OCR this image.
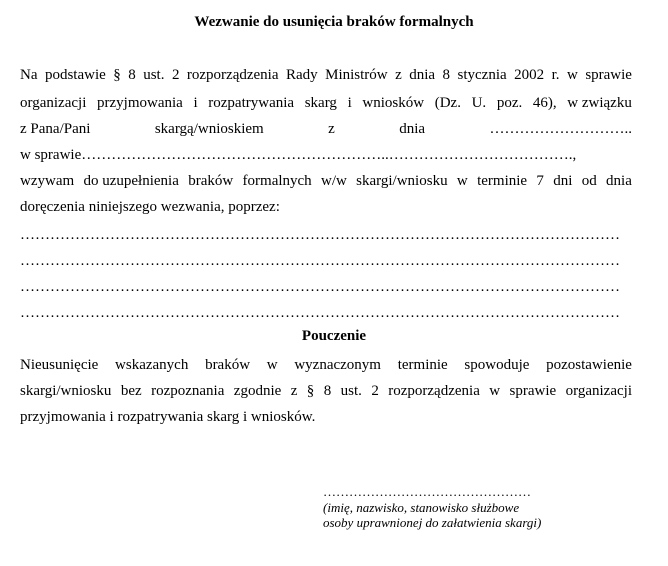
Wezwanie do usunięcia braków formalnych
Na podstawie § 8 ust. 2 rozporządzenia Rady Ministrów z dnia 8 stycznia 2002 r. w sprawie
organizacji przyjmowania i rozpatrywania skarg i wniosków (Dz. U. poz. 46), w związku
z Pana/Pani	skargą/wnioskiem	z	dnia	………………………..
w sprawie……………………………………………………..……………………………….,
wzywam do uzupełnienia braków formalnych w/w skargi/wniosku w terminie 7 dni od dnia
doręczenia niniejszego wezwania, poprzez:
…………………………………………………………………………………………………………
…………………………………………………………………………………………………………
…………………………………………………………………………………………………………
…………………………………………………………………………………………………………
Pouczenie
Nieusunięcie wskazanych braków w wyznaczonym terminie spowoduje pozostawienie
skargi/wniosku bez rozpoznania zgodnie z § 8 ust. 2 rozporządzenia w sprawie organizacji
przyjmowania i rozpatrywania skarg i wniosków.
…………………………………………
(imię, nazwisko, stanowisko służbowe
osoby uprawnionej do załatwienia skargi)
